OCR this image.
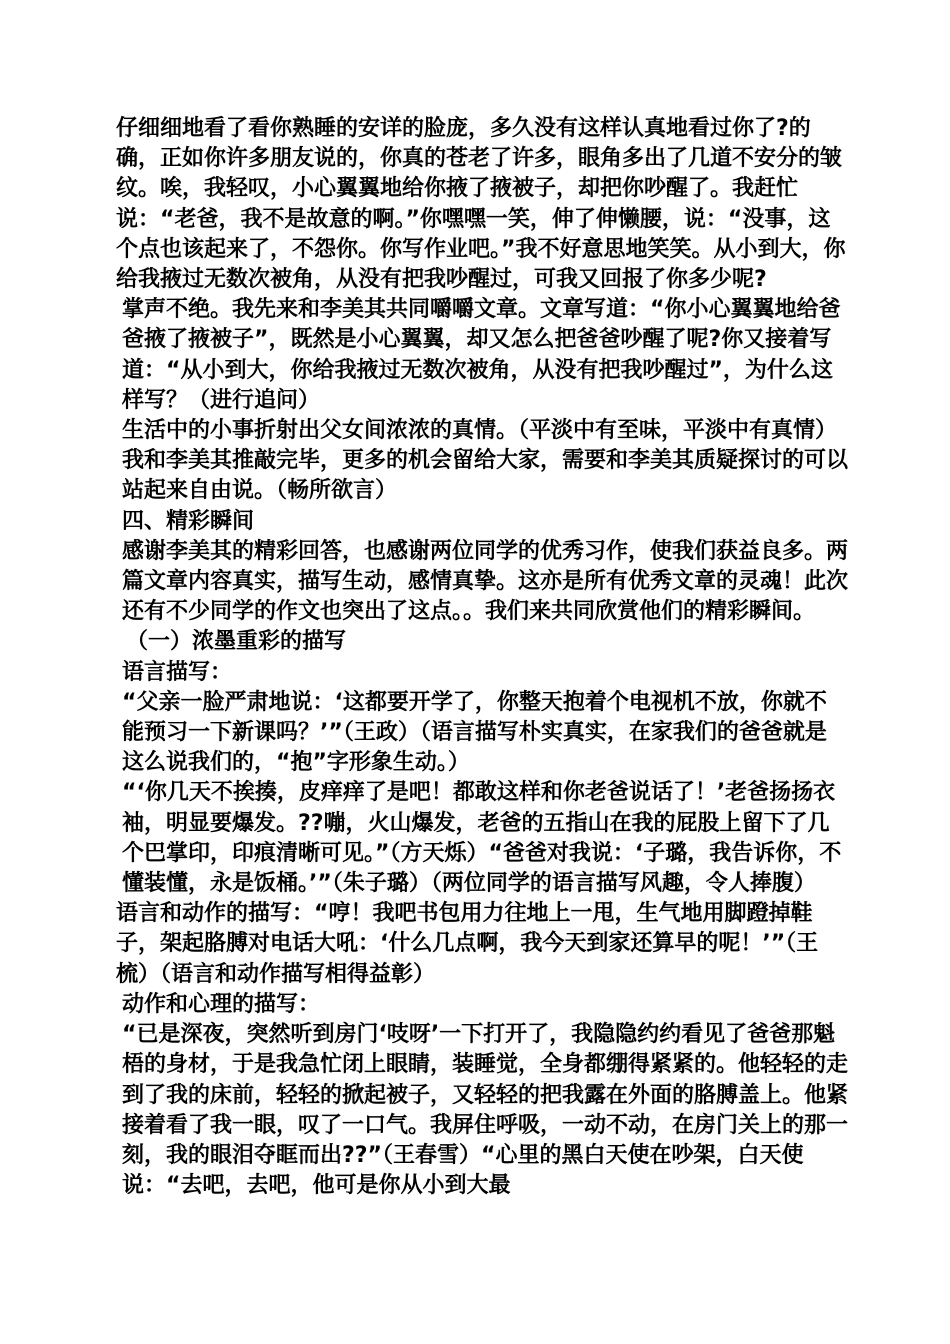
仔细细地看了看你熟睡的安详的脸庞，多久没有这样认真地看过你了?的确，正如你许多朋友说的，你真的苍老了许多，眼角多出了几道不安分的皱纹。唉，我轻叹，小心翼翼地给你掖了掖被子，却把你吵醒了。我赶忙说：“老爸，我不是故意的啊。”你嘿嘿一笑，伸了伸懒腰，说：“没事，这个点也该起来了，不怨你。你写作业吧。”我不好意思地笑笑。从小到大，你给我掖过无数次被角，从没有把我吵醒过，可我又回报了你多少呢?

掌声不绝。我先来和李美其共同嚼嚼文章。文章写道：“你小心翼翼地给爸爸掖了掖被子”，既然是小心翼翼，却又怎么把爸爸吵醒了呢?你又接着写道：“从小到大，你给我掖过无数次被角，从没有把我吵醒过”，为什么这样写？（进行追问）

生活中的小事折射出父女间浓浓的真情。（平淡中有至味，平淡中有真情）

我和李美其推敲完毕，更多的机会留给大家，需要和李美其质疑探讨的可以站起来自由说。（畅所欲言）

四、精彩瞬间

感谢李美其的精彩回答，也感谢两位同学的优秀习作，使我们获益良多。两篇文章内容真实，描写生动，感情真挚。这亦是所有优秀文章的灵魂！此次还有不少同学的作文也突出了这点。。我们来共同欣赏他们的精彩瞬间。

（一）浓墨重彩的描写

语言描写：

“父亲一脸严肃地说：‘这都要开学了，你整天抱着个电视机不放，你就不能预习一下新课吗？’”（王政）（语言描写朴实真实，在家我们的爸爸就是这么说我们的，“抱”字形象生动。）

“‘你几天不挨揍，皮痒痒了是吧！都敢这样和你老爸说话了！’老爸扬扬衣袖，明显要爆发。??嘣，火山爆发，老爸的五指山在我的屁股上留下了几个巴掌印，印痕清晰可见。”（方天烁）“爸爸对我说：‘子璐，我告诉你，不懂装懂，永是饭桶。’”（朱子璐）（两位同学的语言描写风趣，令人捧腹）

语言和动作的描写：“哼！我吧书包用力往地上一甩，生气地用脚蹬掉鞋子，架起胳膊对电话大吼：‘什么几点啊，我今天到家还算早的呢！’”（王梳）（语言和动作描写相得益彰）

动作和心理的描写：

“已是深夜，突然听到房门‘吱呀’一下打开了，我隐隐约约看见了爸爸那魁梧的身材，于是我急忙闭上眼睛，装睡觉，全身都绷得紧紧的。他轻轻的走到了我的床前，轻轻的掀起被子，又轻轻的把我露在外面的胳膊盖上。他紧接着看了我一眼，叹了一口气。我屏住呼吸，一动不动，在房门关上的那一刻，我的眼泪夺眶而出??”（王春雪）“心里的黑白天使在吵架，白天使说：“去吧，去吧，他可是你从小到大最
